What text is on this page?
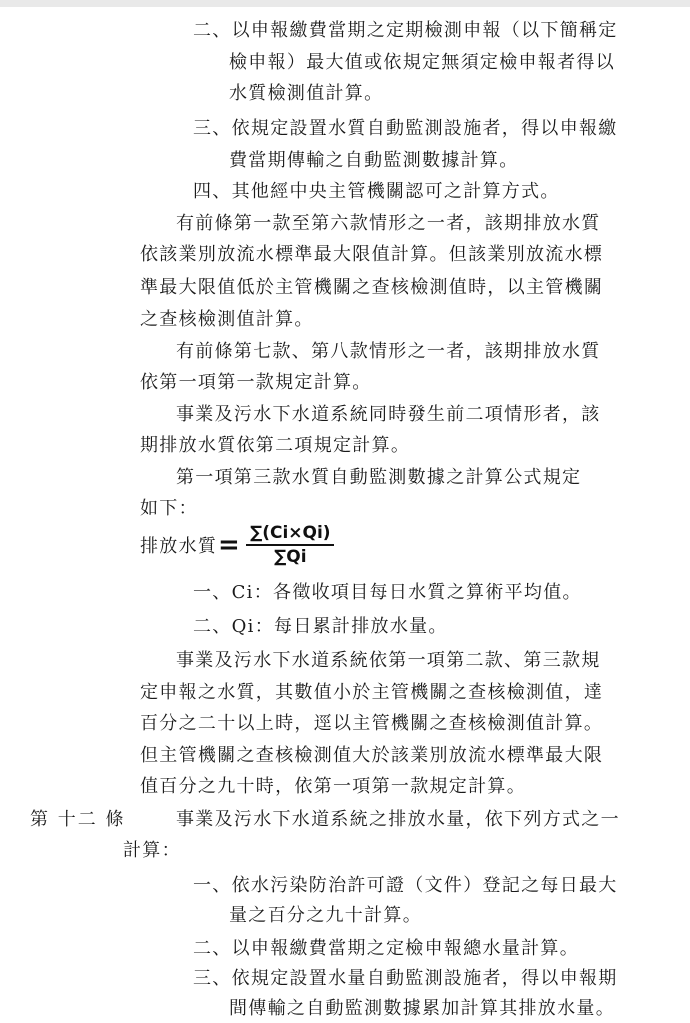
二、以申報繳費當期之定期檢測申報（以下簡稱定
檢申報）最大值或依規定無須定檢申報者得以
水質檢測值計算。
三、依規定設置水質自動監測設施者，得以申報繳
費當期傳輸之自動監測數據計算。
四、其他經中央主管機關認可之計算方式。
有前條第一款至第六款情形之一者，該期排放水質
依該業別放流水標準最大限值計算。但該業別放流水標
準最大限值低於主管機關之查核檢測值時，以主管機關
之查核檢測值計算。
有前條第七款、第八款情形之一者，該期排放水質
依第一項第一款規定計算。
事業及污水下水道系統同時發生前二項情形者，該
期排放水質依第二項規定計算。
第一項第三款水質自動監測數據之計算公式規定
如下：
排放水質 = ∑(Ci×Qi)
∑Qi
一、Ci：各徵收項目每日水質之算術平均值。
二、Qi：每日累計排放水量。
事業及污水下水道系統依第一項第二款、第三款規
定申報之水質，其數值小於主管機關之查核檢測值，達
百分之二十以上時，逕以主管機關之查核檢測值計算。
但主管機關之查核檢測值大於該業別放流水標準最大限
值百分之九十時，依第一項第一款規定計算。
第 十二 條	事業及污水下水道系統之排放水量，依下列方式之一
計算：
一、依水污染防治許可證（文件）登記之每日最大
量之百分之九十計算。
二、以申報繳費當期之定檢申報總水量計算。
三、依規定設置水量自動監測設施者，得以申報期
間傳輸之自動監測數據累加計算其排放水量。
